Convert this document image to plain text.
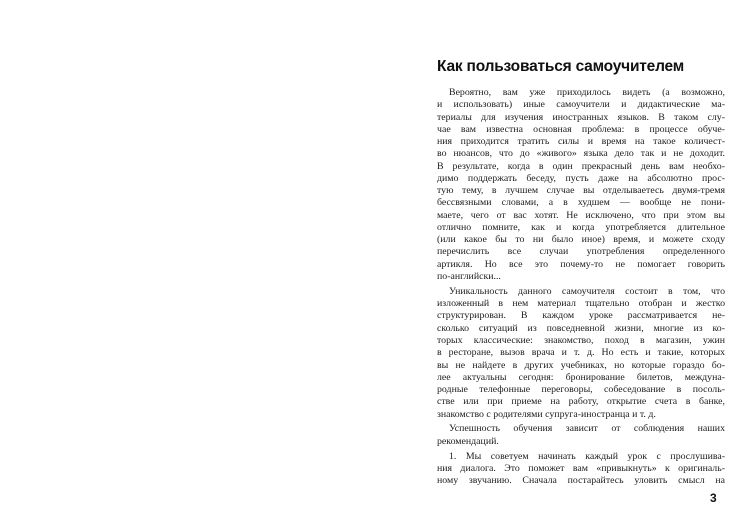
Как пользоваться самоучителем
Вероятно, вам уже приходилось видеть (а возможно,
и использовать) иные самоучители и дидактические ма-
териалы для изучения иностранных языков. В таком слу-
чае вам известна основная проблема: в процессе обуче-
ния приходится тратить силы и время на такое количест-
во нюансов, что до «живого» языка дело так и не доходит.
В результате, когда в один прекрасный день вам необхо-
димо поддержать беседу, пусть даже на абсолютно прос-
тую тему, в лучшем случае вы отделываетесь двумя-тремя
бессвязными словами, а в худшем — вообще не пони-
маете, чего от вас хотят. Не исключено, что при этом вы
отлично помните, как и когда употребляется длительное
(или какое бы то ни было иное) время, и можете сходу
перечислить все случаи употребления определенного
артикля. Но все это почему-то не помогает говорить
по-английски...
Уникальность данного самоучителя состоит в том, что
изложенный в нем материал тщательно отобран и жестко
структурирован. В каждом уроке рассматривается не-
сколько ситуаций из повседневной жизни, многие из ко-
торых классические: знакомство, поход в магазин, ужин
в ресторане, вызов врача и т. д. Но есть и такие, которых
вы не найдете в других учебниках, но которые гораздо бо-
лее актуальны сегодня: бронирование билетов, междуна-
родные телефонные переговоры, собеседование в посоль-
стве или при приеме на работу, открытие счета в банке,
знакомство с родителями супруга-иностранца и т. д.
Успешность обучения зависит от соблюдения наших
рекомендаций.
1. Мы советуем начинать каждый урок с прослушива-
ния диалога. Это поможет вам «привыкнуть» к оригиналь-
ному звучанию. Сначала постарайтесь уловить смысл на
3
